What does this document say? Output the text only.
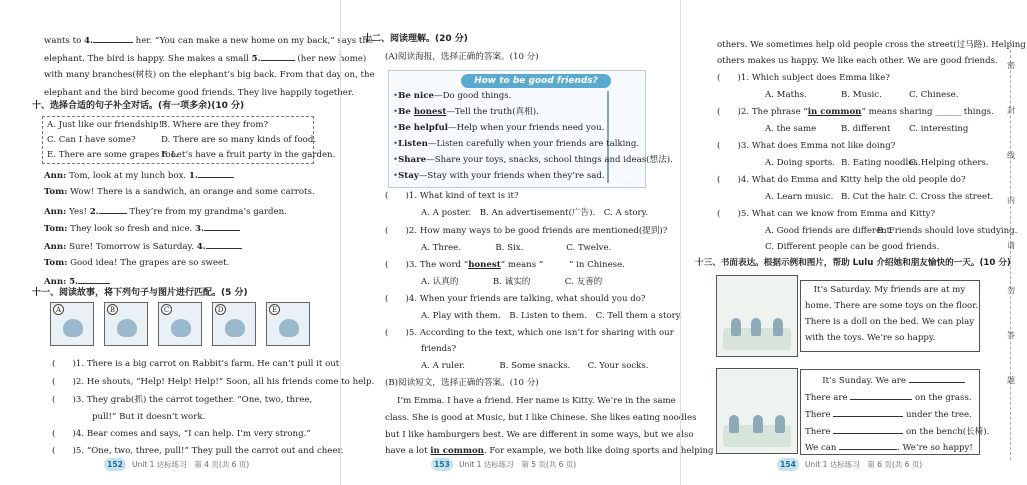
wants to 4.	her. “You can make a new home on my back,” says the
elephant. The bird is happy. She makes a small 5.	(her new home)
with many branches(树枝) on the elephant’s big back. From that day on, the
elephant and the bird become good friends. They live happily together.
十、选择合适的句子补全对话。(有一项多余)(10 分)
A. Just like our friendship!
B. Where are they from?
C. Can I have some?	D. There are so many kinds of food.
E. There are some grapes too.
F. Let’s have a fruit party in the garden.
Ann: Tom, look at my lunch box. 1.
Tom: Wow! There is a sandwich, an orange and some carrots.
Ann: Yes! 2.	They’re from my grandma’s garden.
Tom: They look so fresh and nice. 3.
Ann: Sure! Tomorrow is Saturday. 4.
Tom: Good idea! The grapes are so sweet.
Ann: 5.
十一、阅读故事，将下列句子与图片进行匹配。(5 分)
A	B	C	D	E
(　　)1. There is a big carrot on Rabbit’s farm. He can’t pull it out.
(　　)2. He shouts, “Help! Help! Help!” Soon, all his friends come to help.
(　　)3. They grab(抓) the carrot together. “One, two, three,
pull!” But it doesn’t work.
(　　)4. Bear comes and says, “I can help. I’m very strong.”
(　　)5. “One, two, three, pull!” They pull the carrot out and cheer.
152 Unit 1 达标练习　第 4 页(共 6 页)
十二、阅读理解。(20 分)
(A)阅读海报，选择正确的答案。(10 分)
How to be good friends?
•Be nice—Do good things.
•Be honest—Tell the truth(真相).
•Be helpful—Help when your friends need you.
•Listen—Listen carefully when your friends are talking.
•Share—Share your toys, snacks, school things and ideas(想法).
•Stay—Stay with your friends when they’re sad.
(　　)1. What kind of text is it?
A. A poster.　B. An advertisement(广告).　C. A story.
(　　)2. How many ways to be good friends are mentioned(提到)?
A. Three.　　　　B. Six.　　　　　C. Twelve.
(　　)3. The word “honest” means “　　　” in Chinese.
A. 认真的　　　　B. 诚实的　　　　C. 友善的
(　　)4. When your friends are talking, what should you do?
A. Play with them.　B. Listen to them.　C. Tell them a story.
(　　)5. According to the text, which one isn’t for sharing with our
friends?
A. A ruler.　　　　B. Some snacks.　　C. Your socks.
(B)阅读短文，选择正确的答案。(10 分)
I’m Emma. I have a friend. Her name is Kitty. We’re in the same
class. She is good at Music, but I like Chinese. She likes eating noodles
but I like hamburgers best. We are different in some ways, but we also
have a lot in common. For example, we both like doing sports and helping
153 Unit 1 达标练习　第 5 页(共 6 页)
others. We sometimes help old people cross the street(过马路). Helping
others makes us happy. We like each other. We are good friends.
(　　)1. Which subject does Emma like?
A. Maths.	B. Music.	C. Chinese.
(　　)2. The phrase “in common” means sharing ______ things.
A. the same	B. different C. interesting
(　　)3. What does Emma not like doing?
A. Doing sports. B. Eating noodles.
C. Helping others.
(　　)4. What do Emma and Kitty help the old people do?
A. Learn music. B. Cut the hair. C. Cross the street.
(　　)5. What can we know from Emma and Kitty?
A. Good friends are different.
B. Friends should love studying.
C. Different people can be good friends.
十三、书面表达。根据示例和图片，帮助 Lulu 介绍她和朋友愉快的一天。(10 分)
154 Unit 1 达标练习　第 6 页(共 6 页)
　It’s Saturday. My friends are at my
home. There are some toys on the floor.
There is a doll on the bed. We can play
with the toys. We’re so happy.
　　It’s Sunday. We are
There are	on the grass.
There	under the tree.
There	on the bench(长椅).
We can	. We’re so happy!
密
封
线
内
请
勿
答
题
